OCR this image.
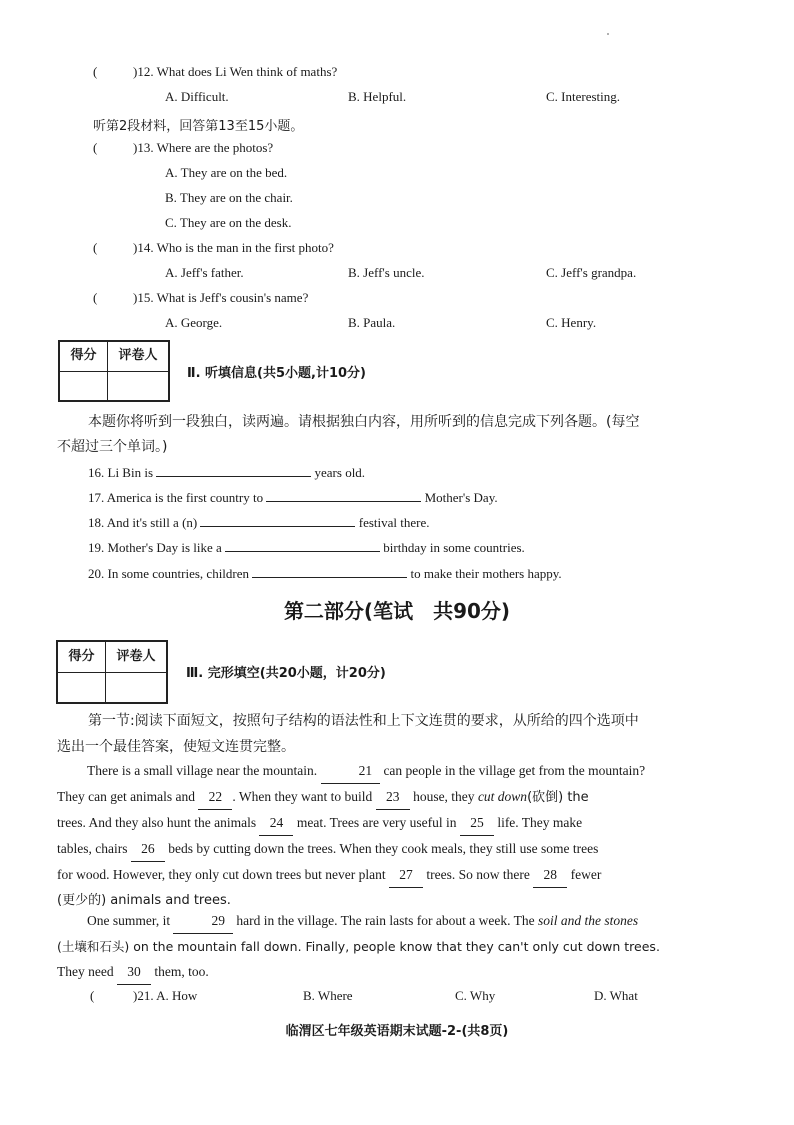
(	)12. What does Li Wen think of maths?
A. Difficult.	B. Helpful.	C. Interesting.
听第2段材料，回答第13至15小题。
(	)13. Where are the photos?
A. They are on the bed.
B. They are on the chair.
C. They are on the desk.
(	)14. Who is the man in the first photo?
A. Jeff's father.	B. Jeff's uncle.	C. Jeff's grandpa.
(	)15. What is Jeff's cousin's name?
A. George.	B. Paula.	C. Henry.
得分	评卷人
Ⅱ. 听填信息(共5小题,计10分)
本题你将听到一段独白，读两遍。请根据独白内容，用所听到的信息完成下列各题。(每空
不超过三个单词。)
16. Li Bin is	years old.
17. America is the first country to	Mother's Day.
18. And it's still a (n)	festival there.
19. Mother's Day is like a	birthday in some countries.
20. In some countries, children	to make their mothers happy.
第二部分(笔试　共90分)
得分	评卷人
Ⅲ. 完形填空(共20小题，计20分)
第一节:阅读下面短文，按照句子结构的语法性和上下文连贯的要求，从所给的四个选项中
选出一个最佳答案，使短文连贯完整。
There is a small village near the mountain.	21 can people in the village get from the mountain?
They can get animals and 22 . When they want to build 23 house, they cut down(砍倒) the
trees. And they also hunt the animals 24 meat. Trees are very useful in 25 life. They make
tables, chairs 26 beds by cutting down the trees. When they cook meals, they still use some trees
for wood. However, they only cut down trees but never plant 27 trees. So now there 28 fewer
(更少的) animals and trees.
One summer, it	29 hard in the village. The rain lasts for about a week. The soil and the stones
(土壤和石头) on the mountain fall down. Finally, people know that they can't only cut down trees.
They need 30 them, too.
(	)21. A. How	B. Where	C. Why	D. What
临渭区七年级英语期末试题-2-(共8页)
